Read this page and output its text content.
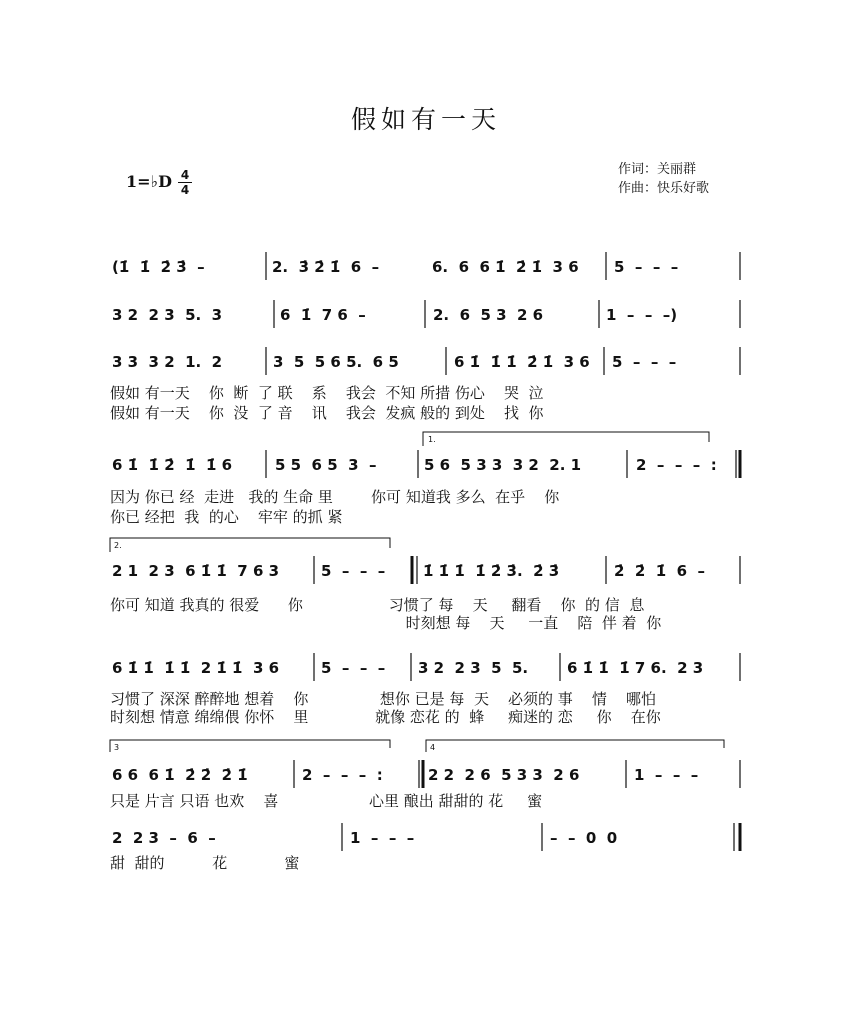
假如有一天
1=♭D 4
4
作词：关丽群
作曲：快乐好歌
(1̇  1̇  2̇ 3̇  –	2.  3̇ 2̇ 1̇  6  –	6.  6  6 1̇  2̇ 1̇  3 6 5  –  –  –
3 2  2 3  5.  3	6  1̇  7 6  –	2.  6  5 3  2 6	1  –  –  –)
3 3  3 2  1.  2	3  5  5 6 5.  6 5	6 1̇  1̇ 1̇  2̇ 1̇  3 6 5  –  –  –
假如 有一天    你  断  了 联    系    我会  不知 所措 伤心    哭  泣
假如 有一天    你  没  了 音    讯    我会  发疯 般的 到处    找  你
1.
6 1̇  1̇ 2̇  1̇  1̇ 6	5 5  6 5  3  –	5 6  5 3 3  3 2  2. 1	2  –  –  –  :
因为 你已 经  走进   我的 生命 里        你可 知道我 多么  在乎    你
你已 经把  我  的心    牢牢 的抓 紧
2.
2 1  2 3  6 1̇ 1̇  7 6 3	5  –  –  –	1̇ 1̇ 1̇  1̇ 2̇ 3̇.  2̇ 3̇	2̇  2̇  1̇  6  –
你可 知道 我真的 很爱      你                  习惯了 每    天     翻看    你  的 信  息
时刻想 每    天     一直    陪  伴 着  你
6 1̇ 1̇  1̇ 1̇  2 1̇ 1̇  3 6	5  –  –  – 3 2  2 3  5  5.	6 1̇ 1̇  1̇ 7 6.  2 3
习惯了 深深 醉醉地 想着    你               想你 已是 每  天    必须的 事    情    哪怕
时刻想 情意 绵绵偎 你怀    里              就像 恋花 的  蜂     痴迷的 恋     你    在你
3	4
6 6  6 1̇  2̇ 2̇  2̇ 1̇	2  –  –  –  :	2 2  2 6  5 3 3  2 6	1  –  –  –
只是 片言 只语 也欢    喜                   心里 酿出 甜甜的 花     蜜
2  2 3  –  6  –	1  –  –  –	–  –  0  0
甜  甜的          花            蜜
